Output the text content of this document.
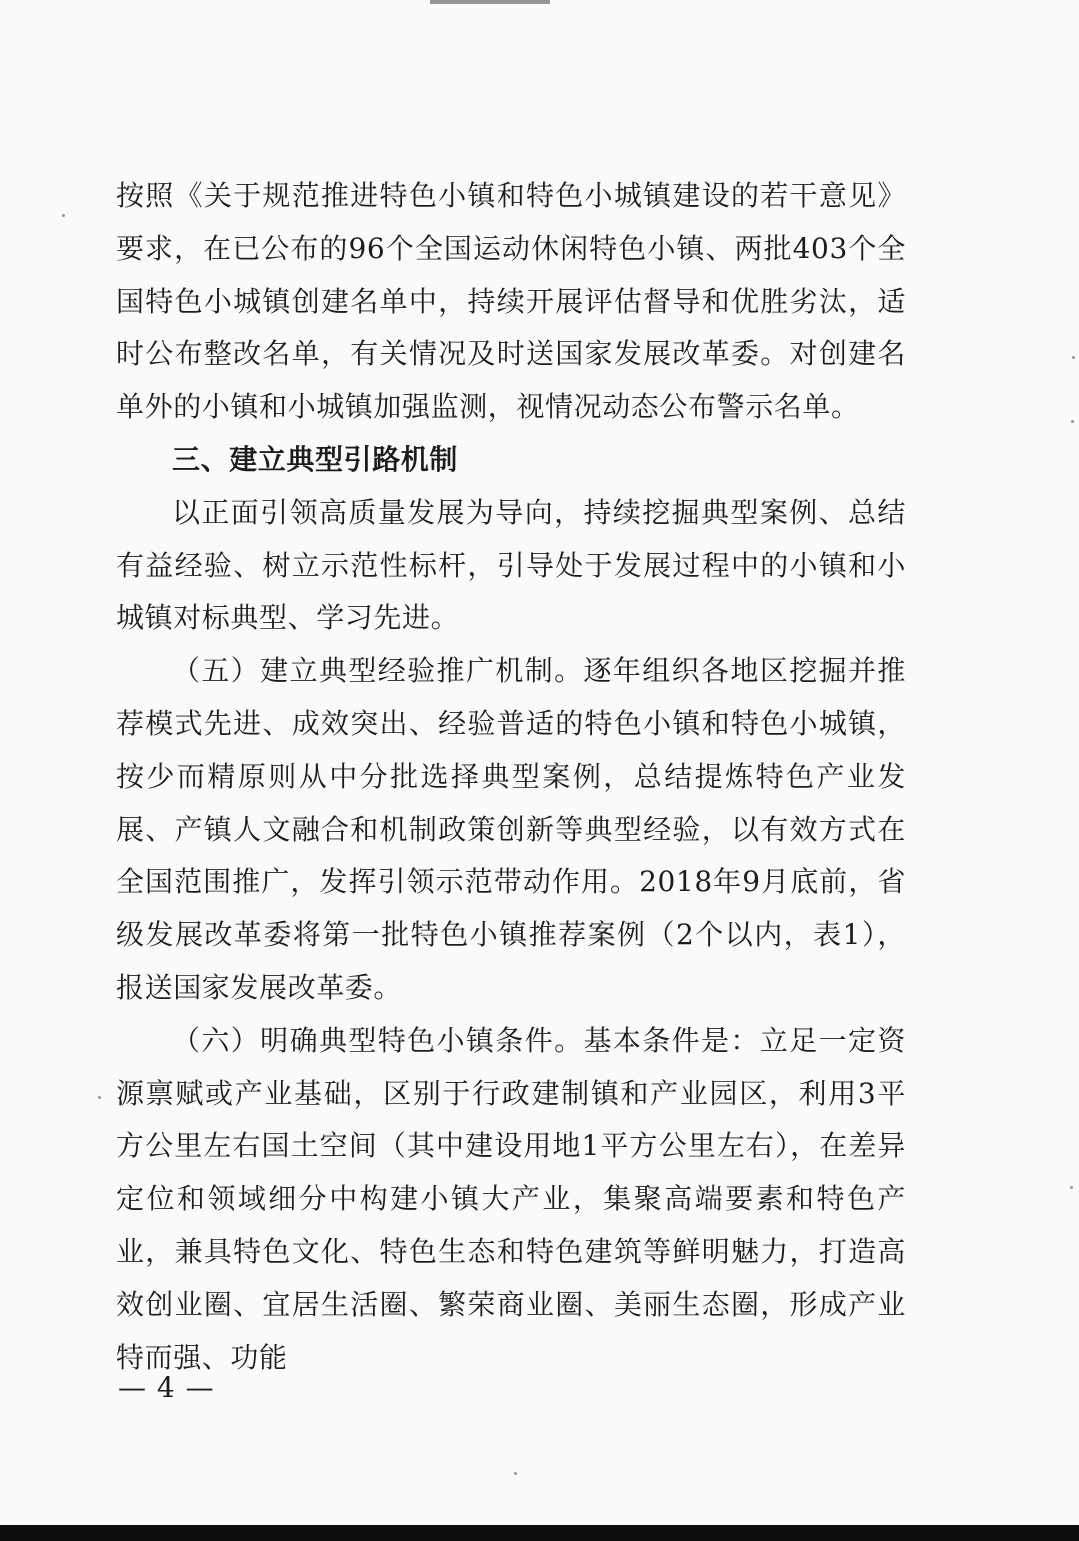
按照《关于规范推进特色小镇和特色小城镇建设的若干意见》要求，在已公布的96个全国运动休闲特色小镇、两批403个全国特色小城镇创建名单中，持续开展评估督导和优胜劣汰，适时公布整改名单，有关情况及时送国家发展改革委。对创建名单外的小镇和小城镇加强监测，视情况动态公布警示名单。

三、建立典型引路机制

以正面引领高质量发展为导向，持续挖掘典型案例、总结有益经验、树立示范性标杆，引导处于发展过程中的小镇和小城镇对标典型、学习先进。

（五）建立典型经验推广机制。逐年组织各地区挖掘并推荐模式先进、成效突出、经验普适的特色小镇和特色小城镇，按少而精原则从中分批选择典型案例，总结提炼特色产业发展、产镇人文融合和机制政策创新等典型经验，以有效方式在全国范围推广，发挥引领示范带动作用。2018年9月底前，省级发展改革委将第一批特色小镇推荐案例（2个以内，表1），报送国家发展改革委。

（六）明确典型特色小镇条件。基本条件是：立足一定资源禀赋或产业基础，区别于行政建制镇和产业园区，利用3平方公里左右国土空间（其中建设用地1平方公里左右），在差异定位和领域细分中构建小镇大产业，集聚高端要素和特色产业，兼具特色文化、特色生态和特色建筑等鲜明魅力，打造高效创业圈、宜居生活圈、繁荣商业圈、美丽生态圈，形成产业特而强、功能

— 4 —
